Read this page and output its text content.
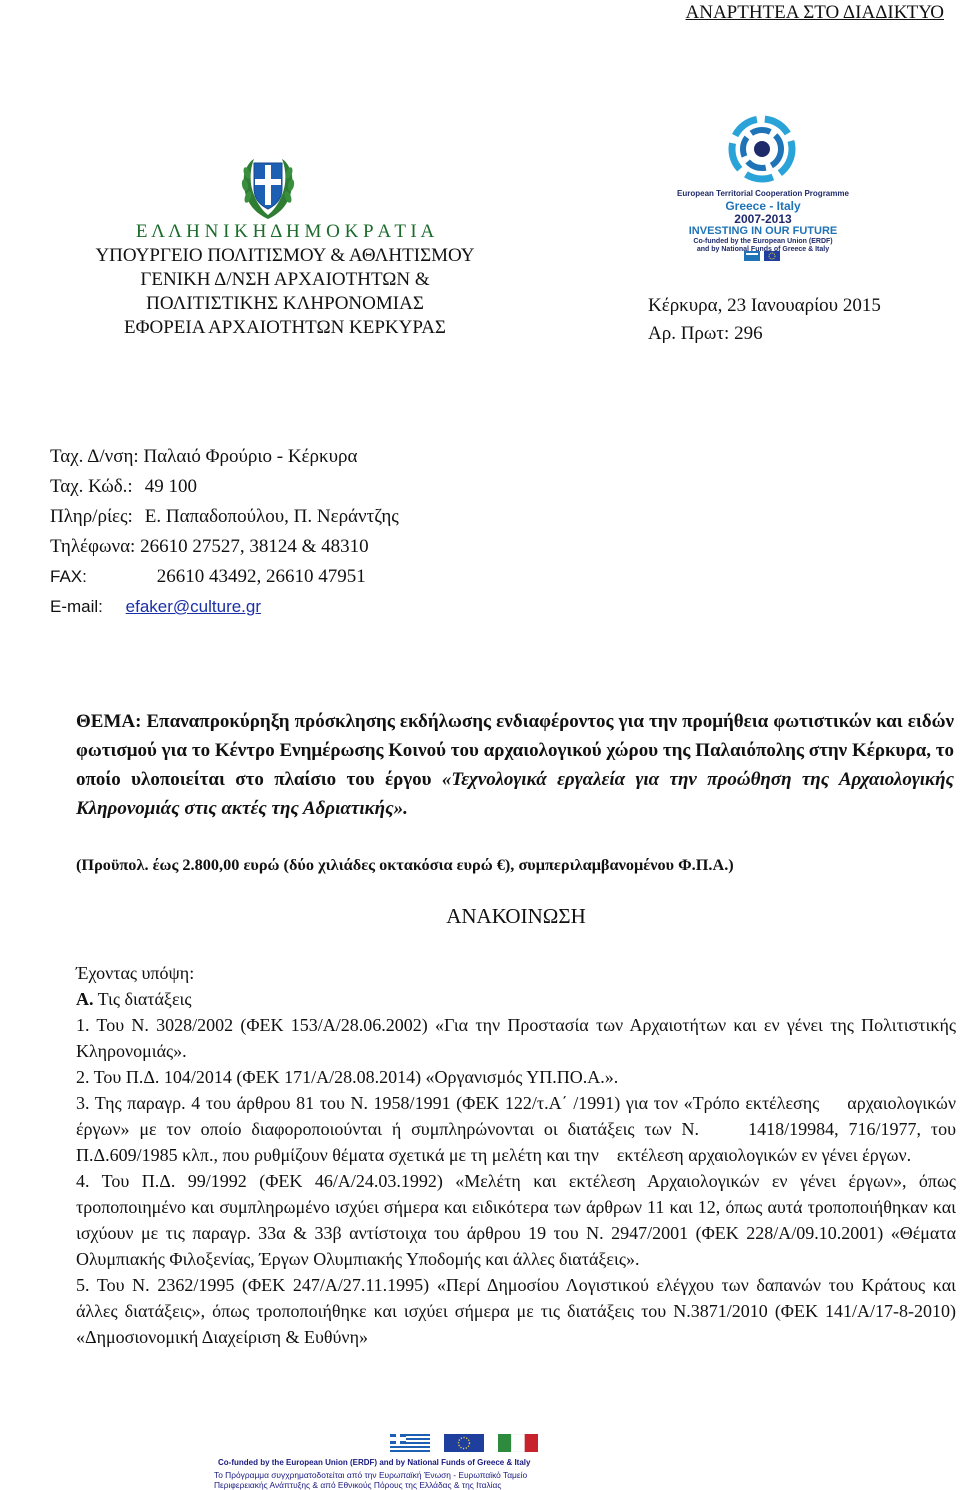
ΑΝΑΡΤΗΤΕΑ ΣΤΟ ΔΙΑΔΙΚΤΥΟ
Ε Λ Λ Η Ν Ι Κ Η Δ Η Μ Ο Κ Ρ Α Τ Ι Α
ΥΠΟΥΡΓΕΙΟ ΠΟΛΙΤΙΣΜΟΥ & ΑΘΛΗΤΙΣΜΟΥ
ΓΕΝΙΚΗ Δ/ΝΣΗ ΑΡΧΑΙΟΤΗΤΩΝ &
ΠΟΛΙΤΙΣΤΙΚΗΣ ΚΛΗΡΟΝΟΜΙΑΣ
ΕΦΟΡΕΙΑ ΑΡΧΑΙΟΤΗΤΩΝ ΚΕΡΚΥΡΑΣ
European Territorial Cooperation Programme
Greece - Italy
2007-2013
INVESTING IN OUR FUTURE
Co-funded by the European Union (ERDF)
and by National Funds of Greece & Italy
Κέρκυρα, 23 Ιανουαρίου 2015
Αρ. Πρωτ: 296
Ταχ. Δ/νση: Παλαιό Φρούριο - Κέρκυρα
Ταχ. Κώδ.: 49 100
Πληρ/ρίες: Ε. Παπαδοπούλου, Π. Νεράντζης
Τηλέφωνα: 26610 27527, 38124 & 48310
FAX:	26610 43492, 26610 47951
E-mail: efaker@culture.gr
ΘΕΜΑ: Επαναπροκύρηξη πρόσκλησης εκδήλωσης ενδιαφέροντος για την προμήθεια φωτιστικών και ειδών φωτισμού για το Κέντρο Ενημέρωσης Κοινού του αρχαιολογικού χώρου της Παλαιόπολης στην Κέρκυρα, το οποίο υλοποιείται στο πλαίσιο του έργου «Τεχνολογικά εργαλεία για την προώθηση της Αρχαιολογικής Κληρονομιάς στις ακτές της Αδριατικής».
(Προϋπολ. έως 2.800,00 ευρώ (δύο χιλιάδες οκτακόσια ευρώ €), συμπεριλαμβανομένου Φ.Π.Α.)
ΑΝΑΚΟΙΝΩΣΗ

Έχοντας υπόψη:

Α. Τις διατάξεις

1. Του Ν. 3028/2002 (ΦΕΚ 153/Α/28.06.2002) «Για την Προστασία των Αρχαιοτήτων και εν γένει της Πολιτιστικής Κληρονομιάς».

2. Του Π.Δ. 104/2014 (ΦΕΚ 171/Α/28.08.2014) «Οργανισμός ΥΠ.ΠΟ.Α.».

3. Της παραγρ. 4 του άρθρου 81 του Ν. 1958/1991 (ΦΕΚ 122/τ.Α΄ /1991) για τον «Τρόπο εκτέλεσης     αρχαιολογικών έργων» με τον οποίο διαφοροποιούνται ή συμπληρώνονται οι διατάξεις των Ν.     1418/19984, 716/1977, του Π.Δ.609/1985 κλπ., που ρυθμίζουν θέματα σχετικά με τη μελέτη και την    εκτέλεση αρχαιολογικών εν γένει έργων.

4. Του Π.Δ. 99/1992 (ΦΕΚ 46/Α/24.03.1992) «Μελέτη και εκτέλεση Αρχαιολογικών εν γένει έργων», όπως τροποποιημένο και συμπληρωμένο ισχύει σήμερα και ειδικότερα των άρθρων 11 και 12, όπως αυτά τροποποιήθηκαν και ισχύουν με τις παραγρ. 33α & 33β αντίστοιχα του άρθρου 19 του Ν. 2947/2001 (ΦΕΚ 228/Α/09.10.2001) «Θέματα Ολυμπιακής Φιλοξενίας, Έργων Ολυμπιακής Υποδομής και άλλες διατάξεις».

5. Του Ν. 2362/1995 (ΦΕΚ 247/Α/27.11.1995) «Περί Δημοσίου Λογιστικού ελέγχου των δαπανών του Κράτους και άλλες διατάξεις», όπως τροποποιήθηκε και ισχύει σήμερα με τις διατάξεις του Ν.3871/2010 (ΦΕΚ 141/Α/17-8-2010) «Δημοσιονομική Διαχείριση & Ευθύνη»

Co-funded by the European Union (ERDF) and by National Funds of Greece & Italy
Το Πρόγραμμα συγχρηματοδοτείται από την Ευρωπαϊκή Ένωση - Ευρωπαϊκό Ταμείο
Περιφερειακής Ανάπτυξης & από Εθνικούς Πόρους της Ελλάδας & της Ιταλίας
